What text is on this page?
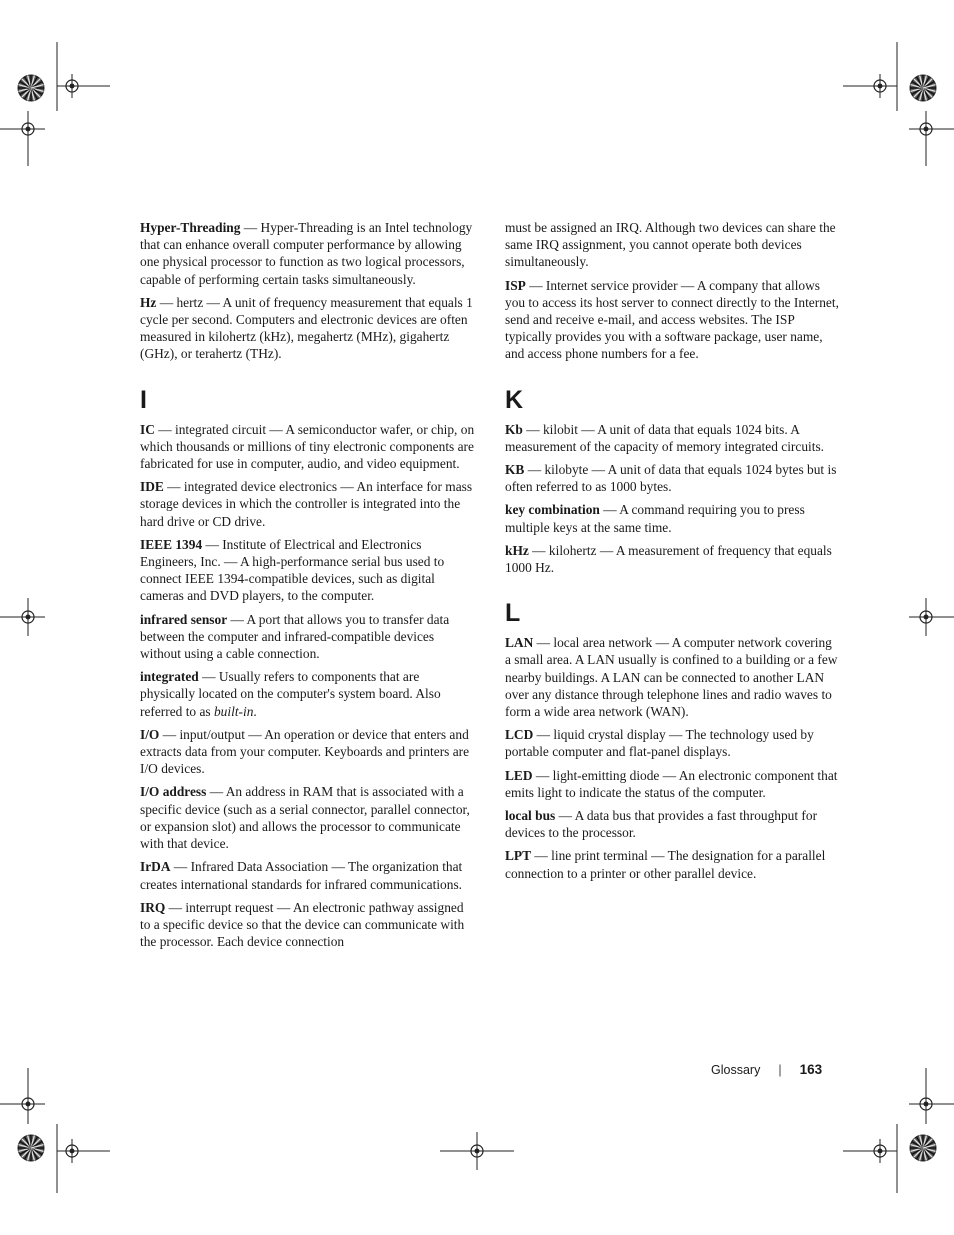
Hyper-Threading — Hyper-Threading is an Intel technology that can enhance overall computer performance by allowing one physical processor to function as two logical processors, capable of performing certain tasks simultaneously.

Hz — hertz — A unit of frequency measurement that equals 1 cycle per second. Computers and electronic devices are often measured in kilohertz (kHz), megahertz (MHz), gigahertz (GHz), or terahertz (THz).

I

IC — integrated circuit — A semiconductor wafer, or chip, on which thousands or millions of tiny electronic components are fabricated for use in computer, audio, and video equipment.

IDE — integrated device electronics — An interface for mass storage devices in which the controller is integrated into the hard drive or CD drive.

IEEE 1394 — Institute of Electrical and Electronics Engineers, Inc. — A high-performance serial bus used to connect IEEE 1394-compatible devices, such as digital cameras and DVD players, to the computer.

infrared sensor — A port that allows you to transfer data between the computer and infrared-compatible devices without using a cable connection.

integrated — Usually refers to components that are physically located on the computer's system board. Also referred to as built-in.

I/O — input/output — An operation or device that enters and extracts data from your computer. Keyboards and printers are I/O devices.

I/O address — An address in RAM that is associated with a specific device (such as a serial connector, parallel connector, or expansion slot) and allows the processor to communicate with that device.

IrDA — Infrared Data Association — The organization that creates international standards for infrared communications.

IRQ — interrupt request — An electronic pathway assigned to a specific device so that the device can communicate with the processor. Each device connection

must be assigned an IRQ. Although two devices can share the same IRQ assignment, you cannot operate both devices simultaneously.

ISP — Internet service provider — A company that allows you to access its host server to connect directly to the Internet, send and receive e-mail, and access websites. The ISP typically provides you with a software package, user name, and access phone numbers for a fee.

K

Kb — kilobit — A unit of data that equals 1024 bits. A measurement of the capacity of memory integrated circuits.

KB — kilobyte — A unit of data that equals 1024 bytes but is often referred to as 1000 bytes.

key combination — A command requiring you to press multiple keys at the same time.

kHz — kilohertz — A measurement of frequency that equals 1000 Hz.

L

LAN — local area network — A computer network covering a small area. A LAN usually is confined to a building or a few nearby buildings. A LAN can be connected to another LAN over any distance through telephone lines and radio waves to form a wide area network (WAN).

LCD — liquid crystal display — The technology used by portable computer and flat-panel displays.

LED — light-emitting diode — An electronic component that emits light to indicate the status of the computer.

local bus — A data bus that provides a fast throughput for devices to the processor.

LPT — line print terminal — The designation for a parallel connection to a printer or other parallel device.

Glossary | 163
